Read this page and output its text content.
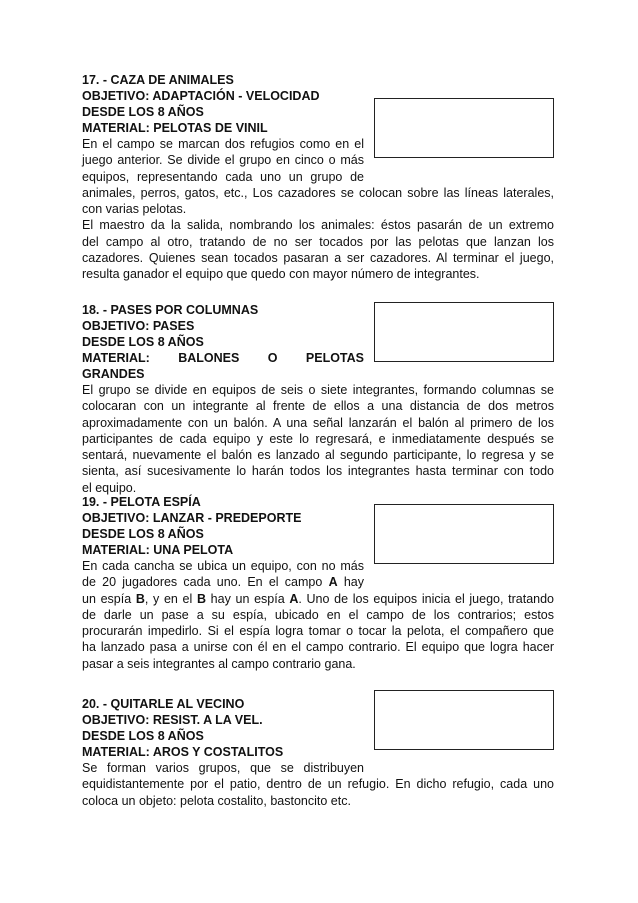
17. - CAZA DE ANIMALES
OBJETIVO: ADAPTACIÓN - VELOCIDAD
DESDE LOS 8 AÑOS
MATERIAL: PELOTAS DE VINIL
En el campo se marcan dos refugios como en el
juego anterior. Se divide el grupo en cinco o más
equipos, representando cada uno un grupo de
animales, perros, gatos, etc., Los cazadores se colocan sobre las líneas laterales,
con varias pelotas.
El maestro da la salida, nombrando los animales: éstos pasarán de un extremo
del campo al otro, tratando de no ser tocados por las pelotas que lanzan los
cazadores. Quienes sean tocados pasaran a ser cazadores. Al terminar el juego,
resulta ganador el equipo que quedo con mayor número de integrantes.
18. - PASES POR COLUMNAS
OBJETIVO: PASES
DESDE LOS 8 AÑOS
MATERIAL: BALONES O PELOTAS
GRANDES
El grupo se divide en equipos de seis o siete integrantes, formando columnas se
colocaran con un integrante al frente de ellos a una distancia de dos metros
aproximadamente con un balón. A una señal lanzarán el balón al primero de los
participantes de cada equipo y este lo regresará, e inmediatamente después se
sentará, nuevamente el balón es lanzado al segundo participante, lo regresa y se
sienta, así sucesivamente lo harán todos los integrantes hasta terminar con todo
el equipo.
19. - PELOTA ESPÍA
OBJETIVO: LANZAR - PREDEPORTE
DESDE LOS 8 AÑOS
MATERIAL: UNA PELOTA
En cada cancha se ubica un equipo, con no más
de 20 jugadores cada uno. En el campo A hay
un espía B, y en el B hay un espía A. Uno de los equipos inicia el juego, tratando
de darle un pase a su espía, ubicado en el campo de los contrarios; estos
procurarán impedirlo. Si el espía logra tomar o tocar la pelota, el compañero que
ha lanzado pasa a unirse con él en el campo contrario. El equipo que logra hacer
pasar a seis integrantes al campo contrario gana.
20. - QUITARLE AL VECINO
OBJETIVO: RESIST. A LA VEL.
DESDE LOS 8 AÑOS
MATERIAL: AROS Y COSTALITOS
Se forman varios grupos, que se distribuyen
equidistantemente por el patio, dentro de un refugio. En dicho refugio, cada uno
coloca un objeto: pelota costalito, bastoncito etc.
